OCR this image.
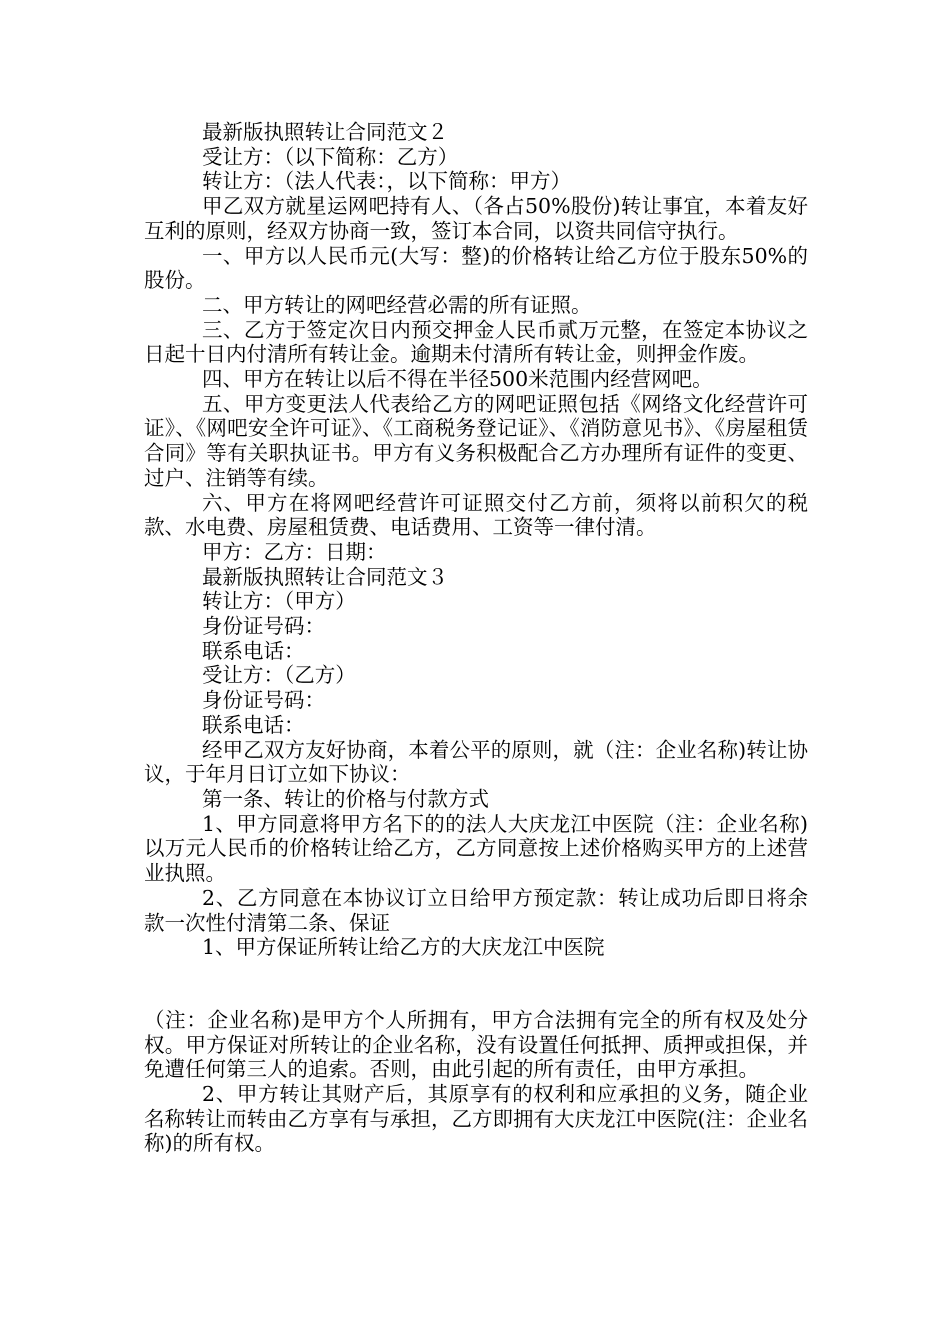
最新版执照转让合同范文２

受让方：（以下简称：乙方）

转让方：（法人代表：，以下简称：甲方）

甲乙双方就星运网吧持有人、（各占50%股份)转让事宜，本着友好互利的原则，经双方协商一致，签订本合同，以资共同信守执行。

一、甲方以人民币元(大写：整)的价格转让给乙方位于股东50%的股份。

二、甲方转让的网吧经营必需的所有证照。

三、乙方于签定次日内预交押金人民币贰万元整，在签定本协议之日起十日内付清所有转让金。逾期未付清所有转让金，则押金作废。

四、甲方在转让以后不得在半径500米范围内经营网吧。

五、甲方变更法人代表给乙方的网吧证照包括《网络文化经营许可证》、《网吧安全许可证》、《工商税务登记证》、《消防意见书》、《房屋租赁合同》等有关职执证书。甲方有义务积极配合乙方办理所有证件的变更、过户、注销等有续。

六、甲方在将网吧经营许可证照交付乙方前，须将以前积欠的税款、水电费、房屋租赁费、电话费用、工资等一律付清。

甲方：乙方：日期：

最新版执照转让合同范文３

转让方：（甲方）

身份证号码：

联系电话：

受让方：（乙方）

身份证号码：

联系电话：

经甲乙双方友好协商，本着公平的原则，就（注：企业名称)转让协议，于年月日订立如下协议：

第一条、转让的价格与付款方式

1、甲方同意将甲方名下的的法人大庆龙江中医院（注：企业名称)以万元人民币的价格转让给乙方，乙方同意按上述价格购买甲方的上述营业执照。

2、乙方同意在本协议订立日给甲方预定款：转让成功后即日将余款一次性付清第二条、保证

1、甲方保证所转让给乙方的大庆龙江中医院

（注：企业名称)是甲方个人所拥有，甲方合法拥有完全的所有权及处分权。甲方保证对所转让的企业名称，没有设置任何抵押、质押或担保，并免遭任何第三人的追索。否则，由此引起的所有责任，由甲方承担。

2、甲方转让其财产后，其原享有的权利和应承担的义务，随企业名称转让而转由乙方享有与承担，乙方即拥有大庆龙江中医院(注：企业名称)的所有权。
